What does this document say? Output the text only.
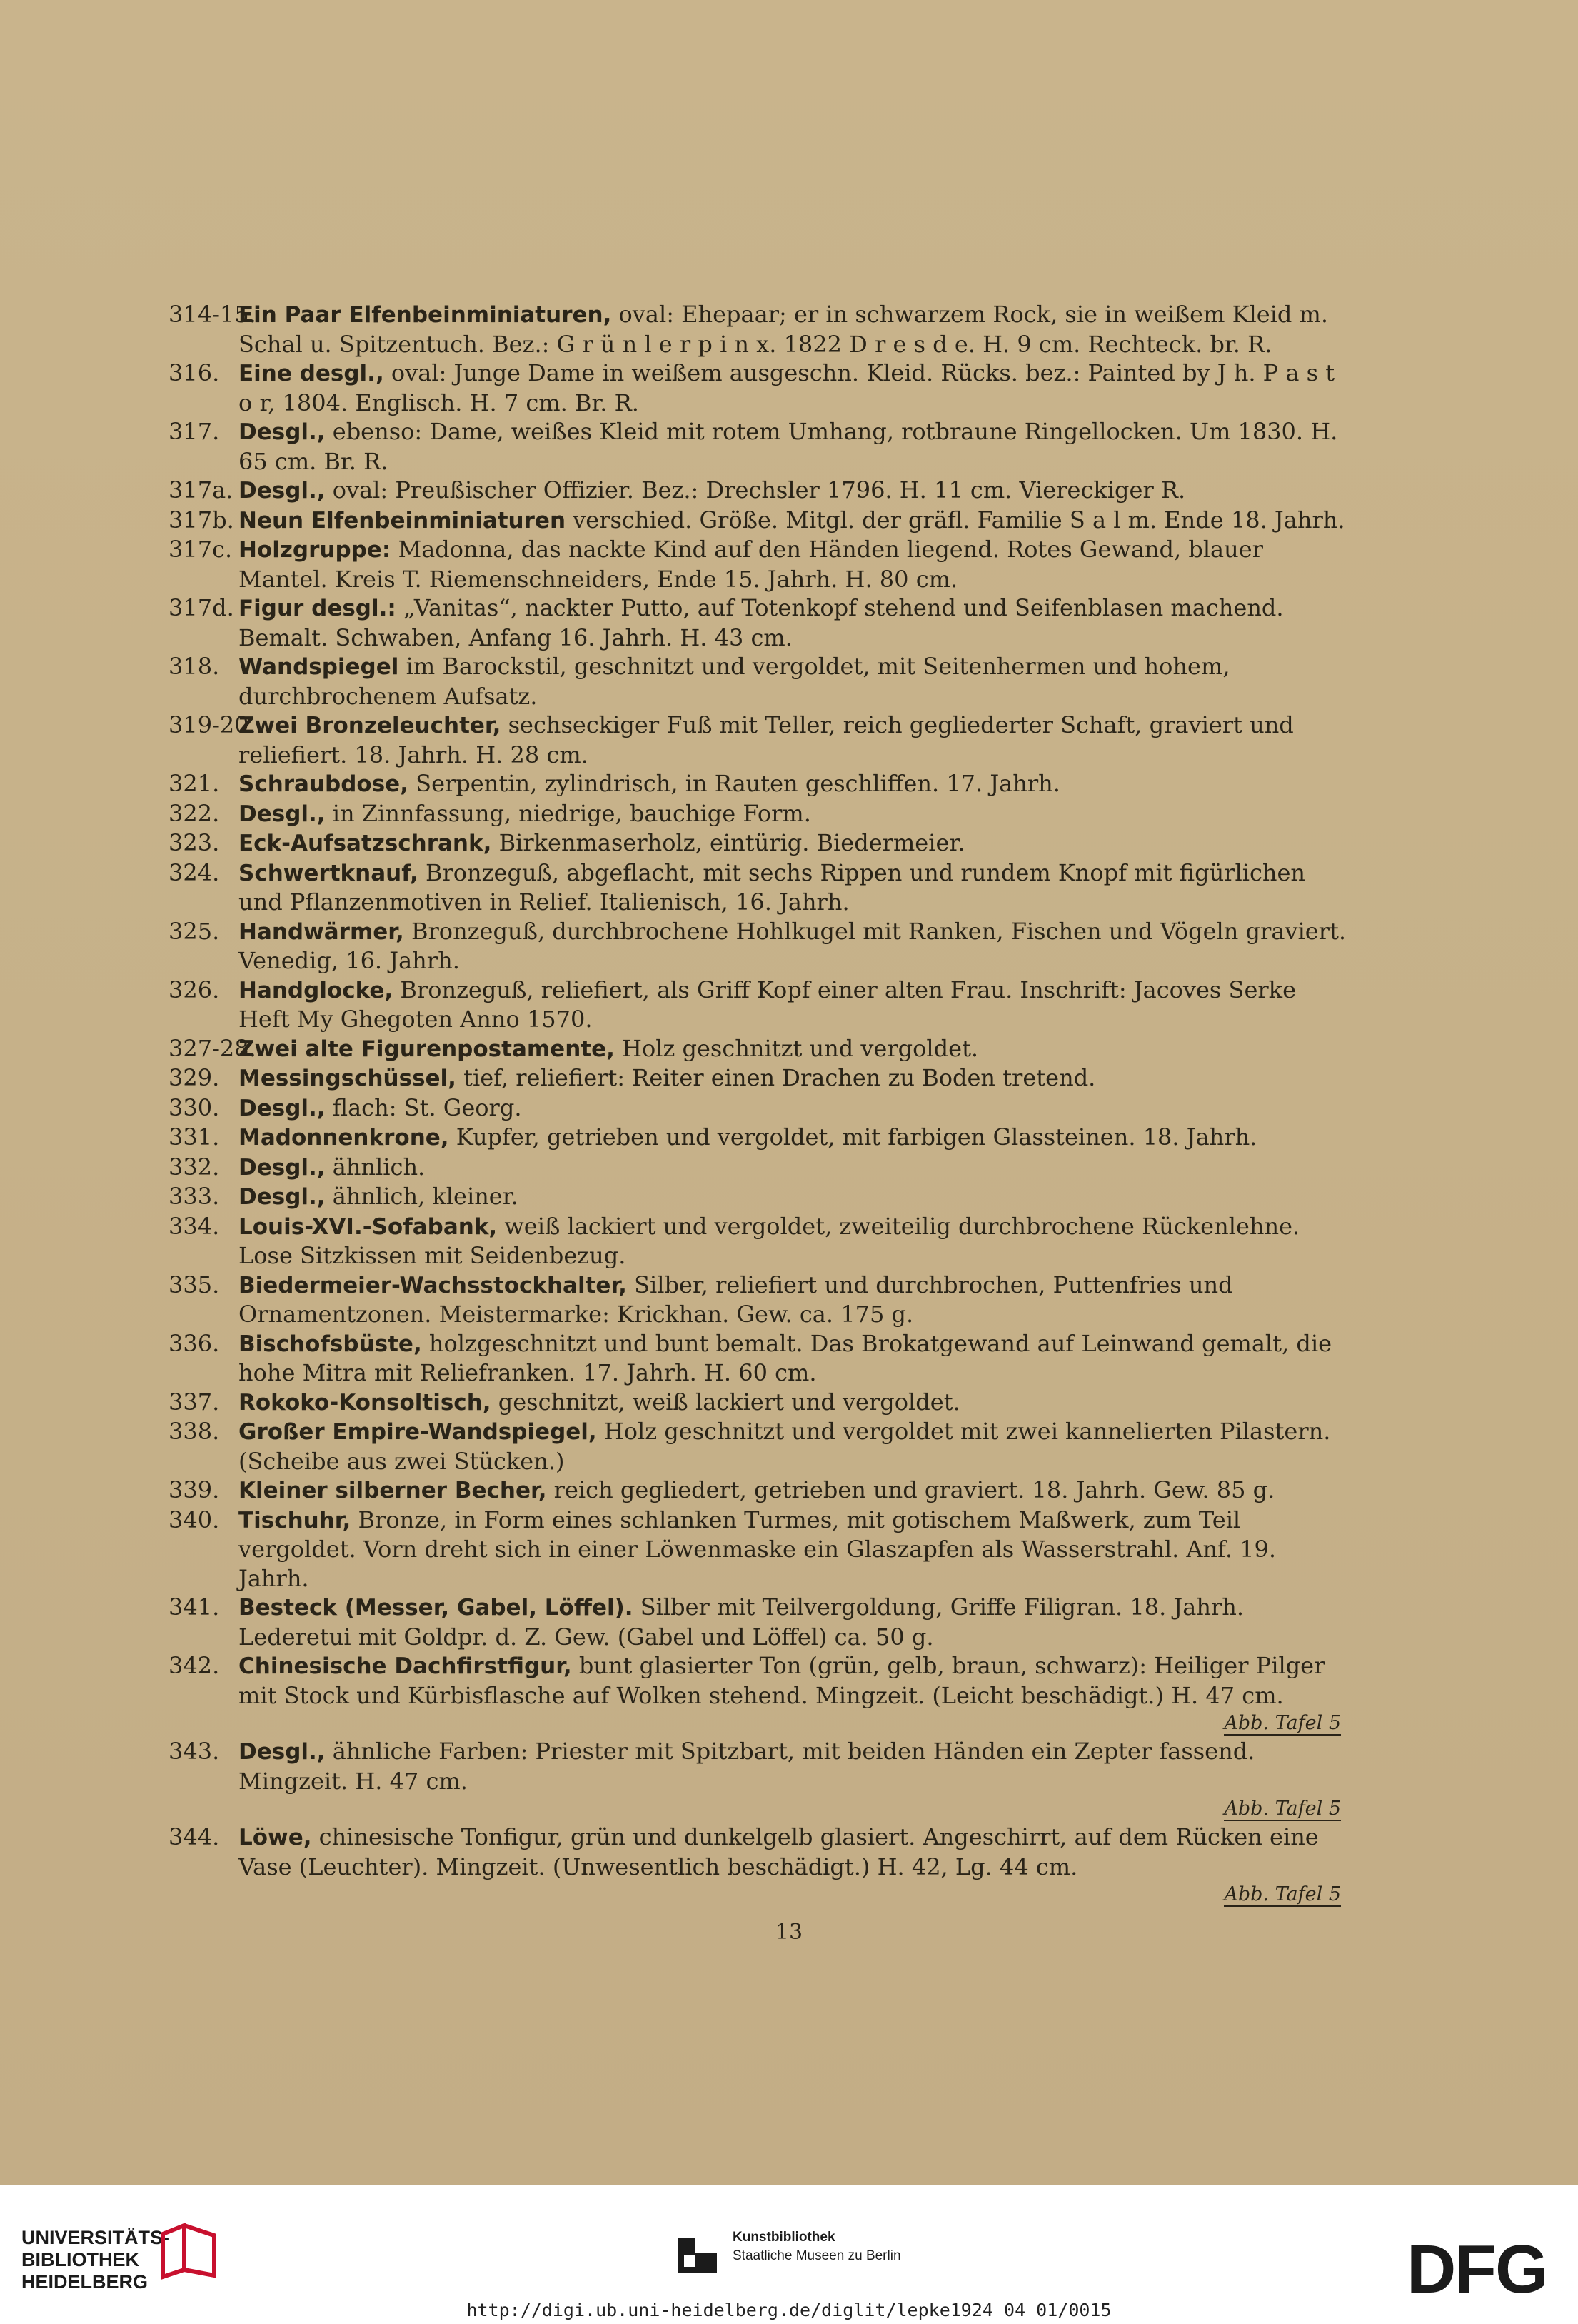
314-15.
Ein Paar Elfenbeinminiaturen, oval: Ehepaar; er in schwarzem Rock, sie in weißem Kleid m. Schal u. Spitzentuch. Bez.: G r ü n l e r p i n x. 1822 D r e s d e. H. 9 cm. Rechteck. br. R.

316. Eine desgl., oval: Junge Dame in weißem ausgeschn. Kleid. Rücks. bez.: Painted by J h. P a s t o r, 1804. Englisch. H. 7 cm. Br. R.

317. Desgl., ebenso: Dame, weißes Kleid mit rotem Umhang, rotbraune Ringellocken. Um 1830. H. 65 cm. Br. R.

317a. Desgl., oval: Preußischer Offizier. Bez.: Drechsler 1796. H. 11 cm. Viereckiger R.

317b. Neun Elfenbeinminiaturen verschied. Größe. Mitgl. der gräfl. Familie S a l m. Ende 18. Jahrh.

317c. Holzgruppe: Madonna, das nackte Kind auf den Händen liegend. Rotes Gewand, blauer Mantel. Kreis T. Riemenschneiders, Ende 15. Jahrh. H. 80 cm.

317d. Figur desgl.: „Vanitas“, nackter Putto, auf Totenkopf stehend und Seifenblasen machend. Bemalt. Schwaben, Anfang 16. Jahrh. H. 43 cm.

318. Wandspiegel im Barockstil, geschnitzt und vergoldet, mit Seitenhermen und hohem, durchbrochenem Aufsatz.

319-20.
Zwei Bronzeleuchter, sechseckiger Fuß mit Teller, reich gegliederter Schaft, graviert und reliefiert. 18. Jahrh. H. 28 cm.

321. Schraubdose, Serpentin, zylindrisch, in Rauten geschliffen. 17. Jahrh.

322. Desgl., in Zinnfassung, niedrige, bauchige Form.

323. Eck-Aufsatzschrank, Birkenmaserholz, eintürig. Biedermeier.

324. Schwertknauf, Bronzeguß, abgeflacht, mit sechs Rippen und rundem Knopf mit figürlichen und Pflanzenmotiven in Relief. Italienisch, 16. Jahrh.

325. Handwärmer, Bronzeguß, durchbrochene Hohlkugel mit Ranken, Fischen und Vögeln graviert. Venedig, 16. Jahrh.

326. Handglocke, Bronzeguß, reliefiert, als Griff Kopf einer alten Frau. Inschrift: Jacoves Serke Heft My Ghegoten Anno 1570.

327-28.
Zwei alte Figurenpostamente, Holz geschnitzt und vergoldet.

329. Messingschüssel, tief, reliefiert: Reiter einen Drachen zu Boden tretend.

330. Desgl., flach: St. Georg.

331. Madonnenkrone, Kupfer, getrieben und vergoldet, mit farbigen Glassteinen. 18. Jahrh.

332. Desgl., ähnlich.

333. Desgl., ähnlich, kleiner.

334. Louis-XVI.-Sofabank, weiß lackiert und vergoldet, zweiteilig durchbrochene Rückenlehne. Lose Sitzkissen mit Seidenbezug.

335. Biedermeier-Wachsstockhalter, Silber, reliefiert und durchbrochen, Puttenfries und Ornamentzonen. Meistermarke: Krickhan. Gew. ca. 175 g.

336. Bischofsbüste, holzgeschnitzt und bunt bemalt. Das Brokatgewand auf Leinwand gemalt, die hohe Mitra mit Reliefranken. 17. Jahrh. H. 60 cm.

337. Rokoko-Konsoltisch, geschnitzt, weiß lackiert und vergoldet.

338. Großer Empire-Wandspiegel, Holz geschnitzt und vergoldet mit zwei kannelierten Pilastern. (Scheibe aus zwei Stücken.)

339. Kleiner silberner Becher, reich gegliedert, getrieben und graviert. 18. Jahrh. Gew. 85 g.

340. Tischuhr, Bronze, in Form eines schlanken Turmes, mit gotischem Maßwerk, zum Teil vergoldet. Vorn dreht sich in einer Löwenmaske ein Glaszapfen als Wasserstrahl. Anf. 19. Jahrh.

341. Besteck (Messer, Gabel, Löffel). Silber mit Teilvergoldung, Griffe Filigran. 18. Jahrh. Lederetui mit Goldpr. d. Z. Gew. (Gabel und Löffel) ca. 50 g.

342. Chinesische Dachfirstfigur, bunt glasierter Ton (grün, gelb, braun, schwarz): Heiliger Pilger mit Stock und Kürbisflasche auf Wolken stehend. Mingzeit. (Leicht beschädigt.) H. 47 cm.
Abb. Tafel 5

343. Desgl., ähnliche Farben: Priester mit Spitzbart, mit beiden Händen ein Zepter fassend. Mingzeit. H. 47 cm.
Abb. Tafel 5

344. Löwe, chinesische Tonfigur, grün und dunkelgelb glasiert. Angeschirrt, auf dem Rücken eine Vase (Leuchter). Mingzeit. (Unwesentlich beschädigt.) H. 42, Lg. 44 cm.
Abb. Tafel 5

13
UNIVERSITÄTS-
BIBLIOTHEK
HEIDELBERG
Kunstbibliothek
Staatliche Museen zu Berlin	DFG
http://digi.ub.uni-heidelberg.de/diglit/lepke1924_04_01/0015
